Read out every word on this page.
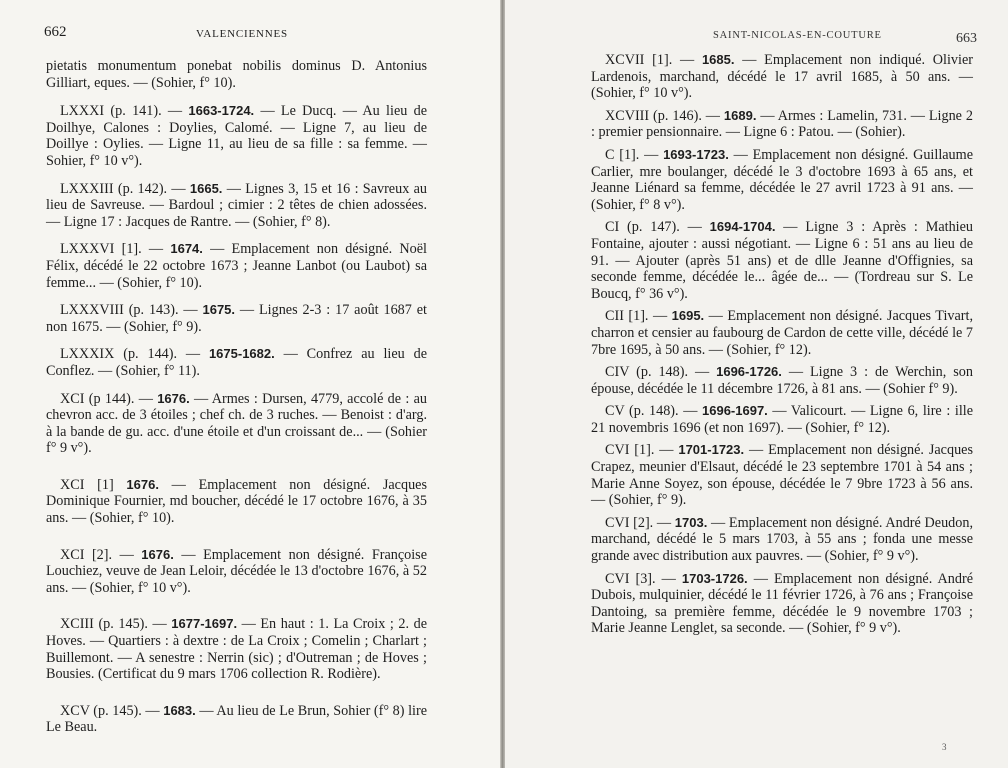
662	VALENCIENNES

pietatis monumentum ponebat nobilis dominus D. Antonius Gilliart, eques. — (Sohier, f° 10).

LXXXI (p. 141). — 1663-1724. — Le Ducq. — Au lieu de Doilhye, Calones : Doylies, Calomé. — Ligne 7, au lieu de Doillye : Oylies. — Ligne 11, au lieu de sa fille : sa femme. — Sohier, f° 10 v°).

LXXXIII (p. 142). — 1665. — Lignes 3, 15 et 16 : Savreux au lieu de Savreuse. — Bardoul ; cimier : 2 têtes de chien adossées. — Ligne 17 : Jacques de Rantre. — (Sohier, f° 8).

LXXXVI [1]. — 1674. — Emplacement non désigné. Noël Félix, décédé le 22 octobre 1673 ; Jeanne Lanbot (ou Laubot) sa femme... — (Sohier, f° 10).

LXXXVIII (p. 143). — 1675. — Lignes 2-3 : 17 août 1687 et non 1675. — (Sohier, f° 9).

LXXXIX (p. 144). — 1675-1682. — Confrez au lieu de Conflez. — (Sohier, f° 11).

XCI (p 144). — 1676. — Armes : Dursen, 4779, accolé de : au chevron acc. de 3 étoiles ; chef ch. de 3 ruches. — Benoist : d'arg. à la bande de gu. acc. d'une étoile et d'un croissant de... — (Sohier f° 9 v°).

XCI [1] 1676. — Emplacement non désigné. Jacques Dominique Fournier, md boucher, décédé le 17 octobre 1676, à 35 ans. — (Sohier, f° 10).

XCI [2]. — 1676. — Emplacement non désigné. Françoise Louchiez, veuve de Jean Leloir, décédée le 13 d'octobre 1676, à 52 ans. — (Sohier, f° 10 v°).

XCIII (p. 145). — 1677-1697. — En haut : 1. La Croix ; 2. de Hoves. — Quartiers : à dextre : de La Croix ; Comelin ; Charlart ; Buillemont. — A senestre : Nerrin (sic) ; d'Outreman ; de Hoves ; Bousies. (Certificat du 9 mars 1706 collection R. Rodière).

XCV (p. 145). — 1683. — Au lieu de Le Brun, Sohier (f° 8) lire Le Beau.

SAINT-NICOLAS-EN-COUTURE	663

XCVII [1]. — 1685. — Emplacement non indiqué. Olivier Lardenois, marchand, décédé le 17 avril 1685, à 50 ans. — (Sohier, f° 10 v°).

XCVIII (p. 146). — 1689. — Armes : Lamelin, 731. — Ligne 2 : premier pensionnaire. — Ligne 6 : Patou. — (Sohier).

C [1]. — 1693-1723. — Emplacement non désigné. Guillaume Carlier, mre boulanger, décédé le 3 d'octobre 1693 à 65 ans, et Jeanne Liénard sa femme, décédée le 27 avril 1723 à 91 ans. — (Sohier, f° 8 v°).

CI (p. 147). — 1694-1704. — Ligne 3 : Après : Mathieu Fontaine, ajouter : aussi négotiant. — Ligne 6 : 51 ans au lieu de 91. — Ajouter (après 51 ans) et de dlle Jeanne d'Offignies, sa seconde femme, décédée le... âgée de... — (Tordreau sur S. Le Boucq, f° 36 v°).

CII [1]. — 1695. — Emplacement non désigné. Jacques Tivart, charron et censier au faubourg de Cardon de cette ville, décédé le 7 7bre 1695, à 50 ans. — (Sohier, f° 12).

CIV (p. 148). — 1696-1726. — Ligne 3 : de Werchin, son épouse, décédée le 11 décembre 1726, à 81 ans. — (Sohier f° 9).

CV (p. 148). — 1696-1697. — Valicourt. — Ligne 6, lire : ille 21 novembris 1696 (et non 1697). — (Sohier, f° 12).

CVI [1]. — 1701-1723. — Emplacement non désigné. Jacques Crapez, meunier d'Elsaut, décédé le 23 septembre 1701 à 54 ans ; Marie Anne Soyez, son épouse, décédée le 7 9bre 1723 à 56 ans. — (Sohier, f° 9).

CVI [2]. — 1703. — Emplacement non désigné. André Deudon, marchand, décédé le 5 mars 1703, à 55 ans ; fonda une messe grande avec distribution aux pauvres. — (Sohier, f° 9 v°).

CVI [3]. — 1703-1726. — Emplacement non désigné. André Dubois, mulquinier, décédé le 11 février 1726, à 76 ans ; Françoise Dantoing, sa première femme, décédée le 9 novembre 1703 ; Marie Jeanne Lenglet, sa seconde. — (Sohier, f° 9 v°).

3
